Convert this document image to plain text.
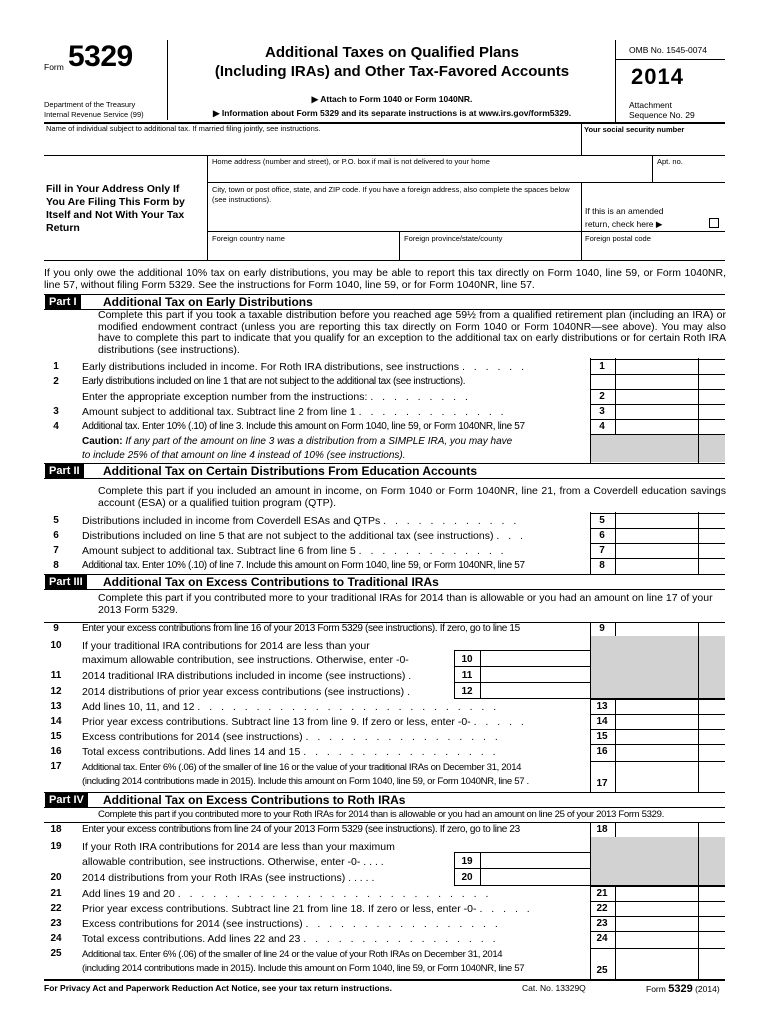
Form 5329
Department of the Treasury
Internal Revenue Service (99)
Additional Taxes on Qualified Plans
(Including IRAs) and Other Tax-Favored Accounts
▶ Attach to Form 1040 or Form 1040NR.
▶ Information about Form 5329 and its separate instructions is at www.irs.gov/form5329.
OMB No. 1545-0074
2014
Attachment
Sequence No. 29
Name of individual subject to additional tax. If married filing jointly, see instructions.	Your social security number
Home address (number and street), or P.O. box if mail is not delivered to your home	Apt. no.
Fill in Your Address Only If You Are Filing This Form by Itself and Not With Your Tax Return
City, town or post office, state, and ZIP code. If you have a foreign address, also complete the spaces below (see instructions).
If this is an amended
return, check here ▶
Foreign country name	Foreign province/state/county	Foreign postal code
If you only owe the additional 10% tax on early distributions, you may be able to report this tax directly on Form 1040, line 59, or Form 1040NR, line 57, without filing Form 5329. See the instructions for Form 1040, line 59, or for Form 1040NR, line 57.
Part I	Additional Tax on Early Distributions
Complete this part if you took a taxable distribution before you reached age 59½ from a qualified retirement plan (including an IRA) or modified endowment contract (unless you are reporting this tax directly on Form 1040 or Form 1040NR—see above). You may also have to complete this part to indicate that you qualify for an exception to the additional tax on early distributions or for certain Roth IRA distributions (see instructions).
1	Early distributions included in income. For Roth IRA distributions, see instructions . . . . . .	1
2	Early distributions included on line 1 that are not subject to the additional tax (see instructions).
Enter the appropriate exception number from the instructions: . . . . . . . . .	2
3	Amount subject to additional tax. Subtract line 2 from line 1 . . . . . . . . . . . . .	3
4	Additional tax. Enter 10% (.10) of line 3. Include this amount on Form 1040, line 59, or Form 1040NR, line 57	4
Caution: If any part of the amount on line 3 was a distribution from a SIMPLE IRA, you may have
to include 25% of that amount on line 4 instead of 10% (see instructions).
Part II	Additional Tax on Certain Distributions From Education Accounts
Complete this part if you included an amount in income, on Form 1040 or Form 1040NR, line 21, from a Coverdell education savings account (ESA) or a qualified tuition program (QTP).
5	Distributions included in income from Coverdell ESAs and QTPs . . . . . . . . . . . .	5
6	Distributions included on line 5 that are not subject to the additional tax (see instructions) . . .	6
7	Amount subject to additional tax. Subtract line 6 from line 5 . . . . . . . . . . . . .	7
8	Additional tax. Enter 10% (.10) of line 7. Include this amount on Form 1040, line 59, or Form 1040NR, line 57	8
Part III	Additional Tax on Excess Contributions to Traditional IRAs
Complete this part if you contributed more to your traditional IRAs for 2014 than is allowable or you had an amount on line 17 of your 2013 Form 5329.
9	Enter your excess contributions from line 16 of your 2013 Form 5329 (see instructions). If zero, go to line 15	9
10	If your traditional IRA contributions for 2014 are less than your
maximum allowable contribution, see instructions. Otherwise, enter -0-	10
11	2014 traditional IRA distributions included in income (see instructions) .	11
12	2014 distributions of prior year excess contributions (see instructions) .	12
13	Add lines 10, 11, and 12 . . . . . . . . . . . . . . . . . . . . . . . . . .	13
14	Prior year excess contributions. Subtract line 13 from line 9. If zero or less, enter -0- . . . . .	14
15	Excess contributions for 2014 (see instructions) . . . . . . . . . . . . . . . . .	15
16	Total excess contributions. Add lines 14 and 15 . . . . . . . . . . . . . . . . .	16
17	Additional tax. Enter 6% (.06) of the smaller of line 16 or the value of your traditional IRAs on December 31, 2014
(including 2014 contributions made in 2015). Include this amount on Form 1040, line 59, or Form 1040NR, line 57 .	17
Part IV	Additional Tax on Excess Contributions to Roth IRAs
Complete this part if you contributed more to your Roth IRAs for 2014 than is allowable or you had an amount on line 25 of your 2013 Form 5329.
18	Enter your excess contributions from line 24 of your 2013 Form 5329 (see instructions). If zero, go to line 23	18
19	If your Roth IRA contributions for 2014 are less than your maximum
allowable contribution, see instructions. Otherwise, enter -0- . . . .	19
20	2014 distributions from your Roth IRAs (see instructions) . . . . .	20
21	Add lines 19 and 20 . . . . . . . . . . . . . . . . . . . . . . . . . . .	21
22	Prior year excess contributions. Subtract line 21 from line 18. If zero or less, enter -0- . . . . .	22
23	Excess contributions for 2014 (see instructions) . . . . . . . . . . . . . . . . .	23
24	Total excess contributions. Add lines 22 and 23 . . . . . . . . . . . . . . . . .	24
25	Additional tax. Enter 6% (.06) of the smaller of line 24 or the value of your Roth IRAs on December 31, 2014
(including 2014 contributions made in 2015). Include this amount on Form 1040, line 59, or Form 1040NR, line 57	25
For Privacy Act and Paperwork Reduction Act Notice, see your tax return instructions.	Cat. No. 13329Q	Form 5329 (2014)
